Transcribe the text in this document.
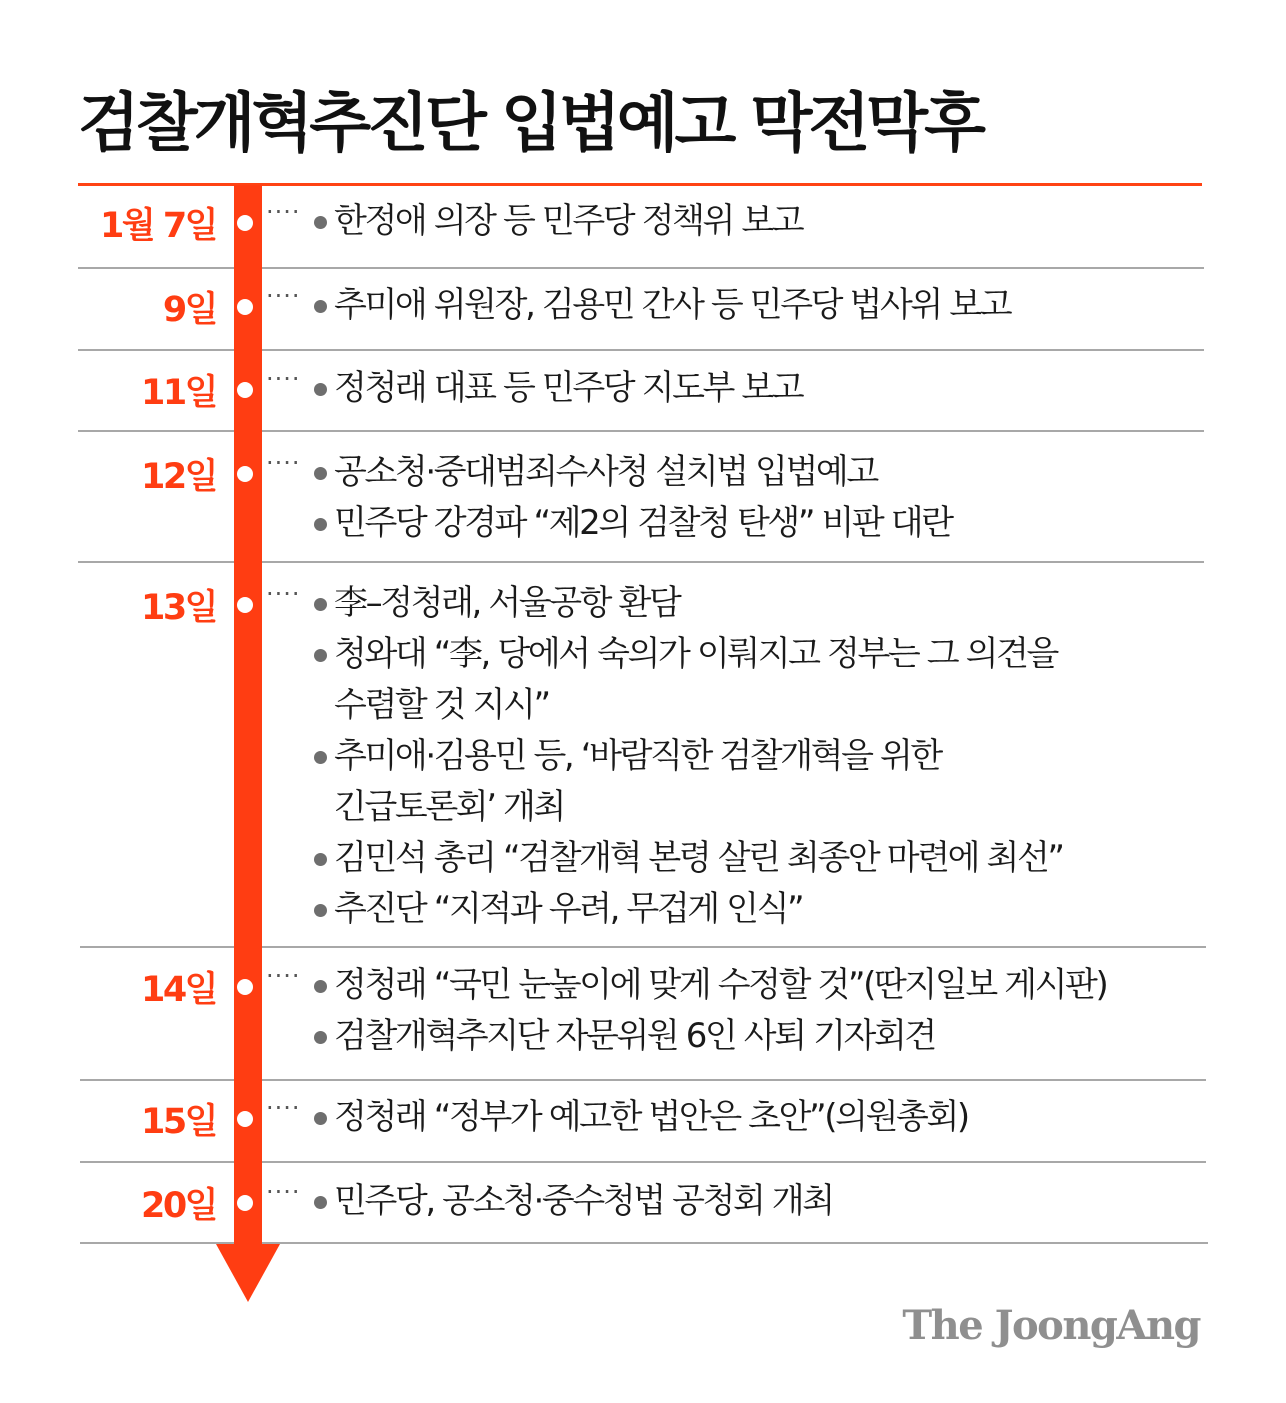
검찰개혁추진단 입법예고 막전막후
1월 7일 ···· 한정애 의장 등 민주당 정책위 보고
9일 ···· 추미애 위원장, 김용민 간사 등 민주당 법사위 보고
11일 ···· 정청래 대표 등 민주당 지도부 보고
12일 ···· 공소청·중대범죄수사청 설치법 입법예고
민주당 강경파 “제2의 검찰청 탄생” 비판 대란
13일 ···· 李–정청래, 서울공항 환담
청와대 “李, 당에서 숙의가 이뤄지고 정부는 그 의견을
수렴할 것 지시”
추미애·김용민 등, ‘바람직한 검찰개혁을 위한
긴급토론회’ 개최
김민석 총리 “검찰개혁 본령 살린 최종안 마련에 최선”
추진단 “지적과 우려, 무겁게 인식”
14일 ···· 정청래 “국민 눈높이에 맞게 수정할 것”(딴지일보 게시판)
검찰개혁추지단 자문위원 6인 사퇴 기자회견
15일 ···· 정청래 “정부가 예고한 법안은 초안”(의원총회)
20일 ···· 민주당, 공소청·중수청법 공청회 개최
The JoongAng
